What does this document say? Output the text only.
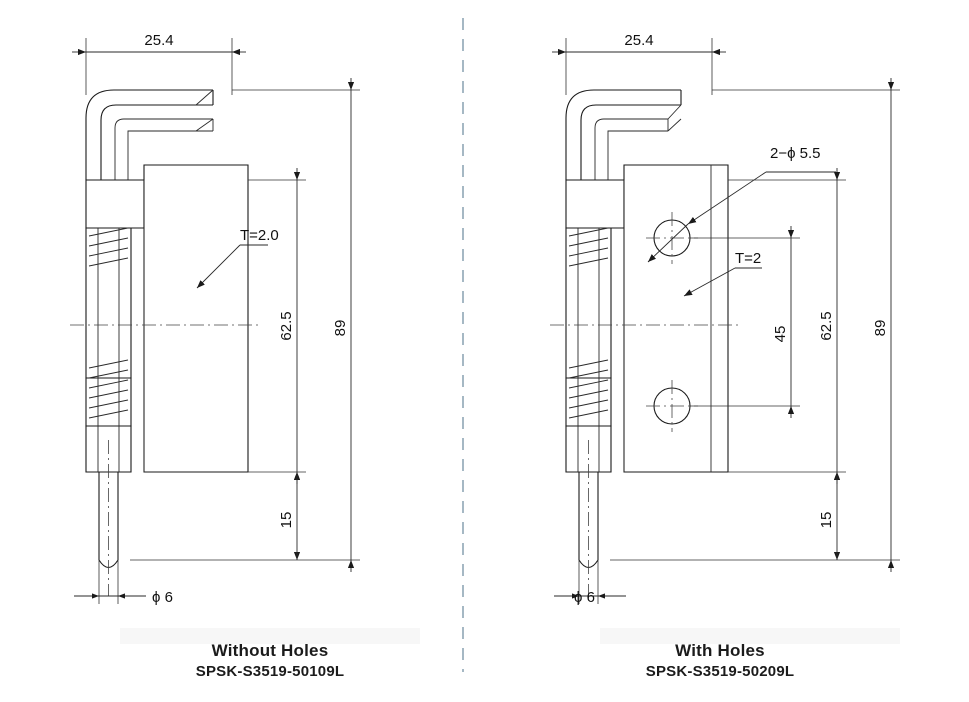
25.4
T=2.0
62.5 89
15
ϕ 6
25.4
2−ϕ 5.5
T=2
45 62.5 89
15
ϕ 6
Without Holes
SPSK-S3519-50109L
With Holes
SPSK-S3519-50209L
